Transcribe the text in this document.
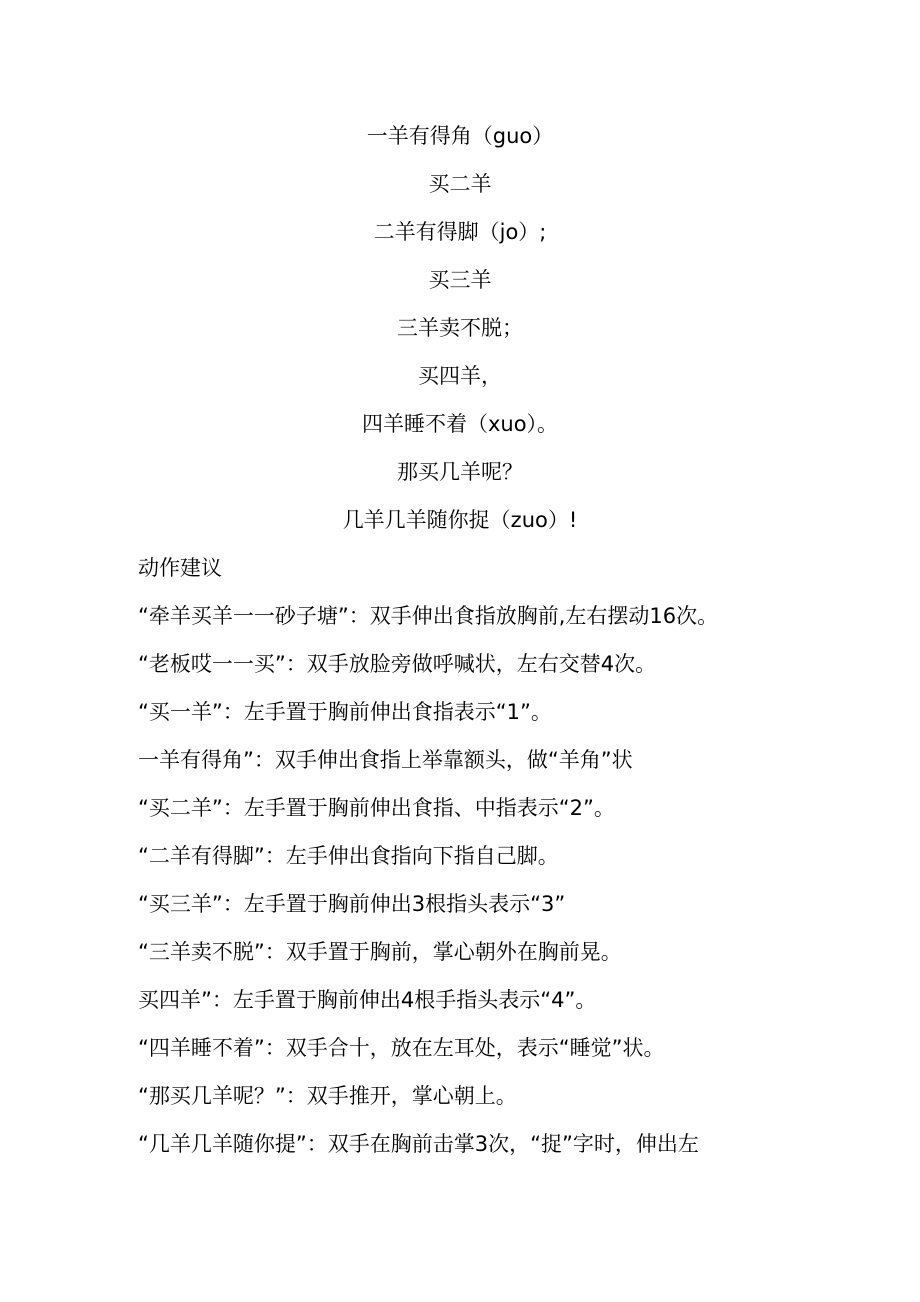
一羊有得角（guo）
买二羊
二羊有得脚（jo）;
买三羊
三羊卖不脱；
买四羊，
四羊睡不着（xuo）。
那买几羊呢？
几羊几羊随你捉（zuo）!
动作建议
“牵羊买羊一一砂子塘”：双手伸出食指放胸前,左右摆动16次。
“老板哎一一买”：双手放脸旁做呼喊状，左右交替4次。
“买一羊”：左手置于胸前伸出食指表示“1”。
一羊有得角”：双手伸出食指上举靠额头，做“羊角”状
“买二羊”：左手置于胸前伸出食指、中指表示“2”。
“二羊有得脚”：左手伸出食指向下指自己脚。
“买三羊”：左手置于胸前伸出3根指头表示“3”
“三羊卖不脱”：双手置于胸前，掌心朝外在胸前晃。
买四羊”：左手置于胸前伸出4根手指头表示“4”。
“四羊睡不着”：双手合十，放在左耳处，表示“睡觉”状。
“那买几羊呢？”：双手推开，掌心朝上。
“几羊几羊随你提”：双手在胸前击掌3次，“捉”字时，伸出左
